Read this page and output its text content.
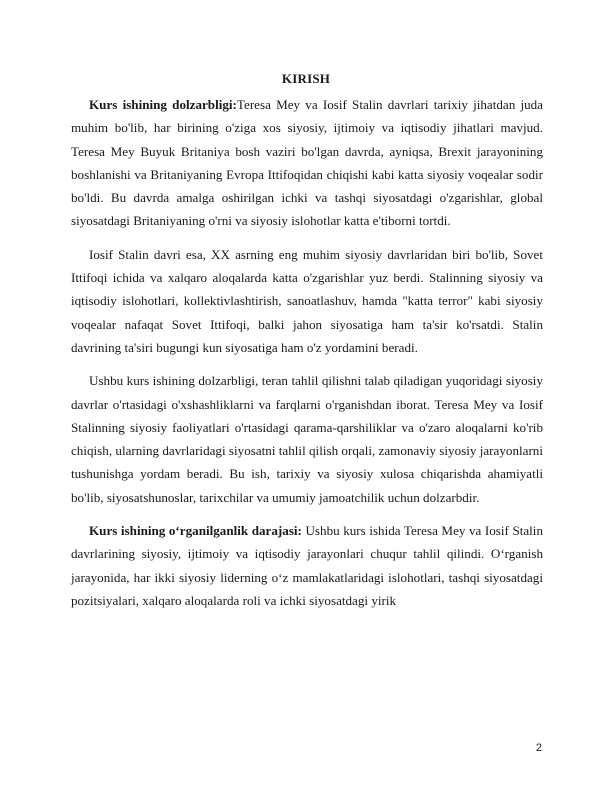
KIRISH

Kurs ishining dolzarbligi:Teresa Mey va Iosif Stalin davrlari tarixiy jihatdan juda muhim bo'lib, har birining o'ziga xos siyosiy, ijtimoiy va iqtisodiy jihatlari mavjud. Teresa Mey Buyuk Britaniya bosh vaziri bo'lgan davrda, ayniqsa, Brexit jarayonining boshlanishi va Britaniyaning Evropa Ittifoqidan chiqishi kabi katta siyosiy voqealar sodir bo'ldi. Bu davrda amalga oshirilgan ichki va tashqi siyosatdagi o'zgarishlar, global siyosatdagi Britaniyaning o'rni va siyosiy islohotlar katta e'tiborni tortdi.

Iosif Stalin davri esa, XX asrning eng muhim siyosiy davrlaridan biri bo'lib, Sovet Ittifoqi ichida va xalqaro aloqalarda katta o'zgarishlar yuz berdi. Stalinning siyosiy va iqtisodiy islohotlari, kollektivlashtirish, sanoatlashuv, hamda "katta terror" kabi siyosiy voqealar nafaqat Sovet Ittifoqi, balki jahon siyosatiga ham ta'sir ko'rsatdi. Stalin davrining ta'siri bugungi kun siyosatiga ham o'z yordamini beradi.

Ushbu kurs ishining dolzarbligi, teran tahlil qilishni talab qiladigan yuqoridagi siyosiy davrlar o'rtasidagi o'xshashliklarni va farqlarni o'rganishdan iborat. Teresa Mey va Iosif Stalinning siyosiy faoliyatlari o'rtasidagi qarama-qarshiliklar va o'zaro aloqalarni ko'rib chiqish, ularning davrlaridagi siyosatni tahlil qilish orqali, zamonaviy siyosiy jarayonlarni tushunishga yordam beradi. Bu ish, tarixiy va siyosiy xulosa chiqarishda ahamiyatli bo'lib, siyosatshunoslar, tarixchilar va umumiy jamoatchilik uchun dolzarbdir.

Kurs ishining o‘rganilganlik darajasi: Ushbu kurs ishida Teresa Mey va Iosif Stalin davrlarining siyosiy, ijtimoiy va iqtisodiy jarayonlari chuqur tahlil qilindi. O‘rganish jarayonida, har ikki siyosiy liderning o‘z mamlakatlaridagi islohotlari, tashqi siyosatdagi pozitsiyalari, xalqaro aloqalarda roli va ichki siyosatdagi yirik

2
